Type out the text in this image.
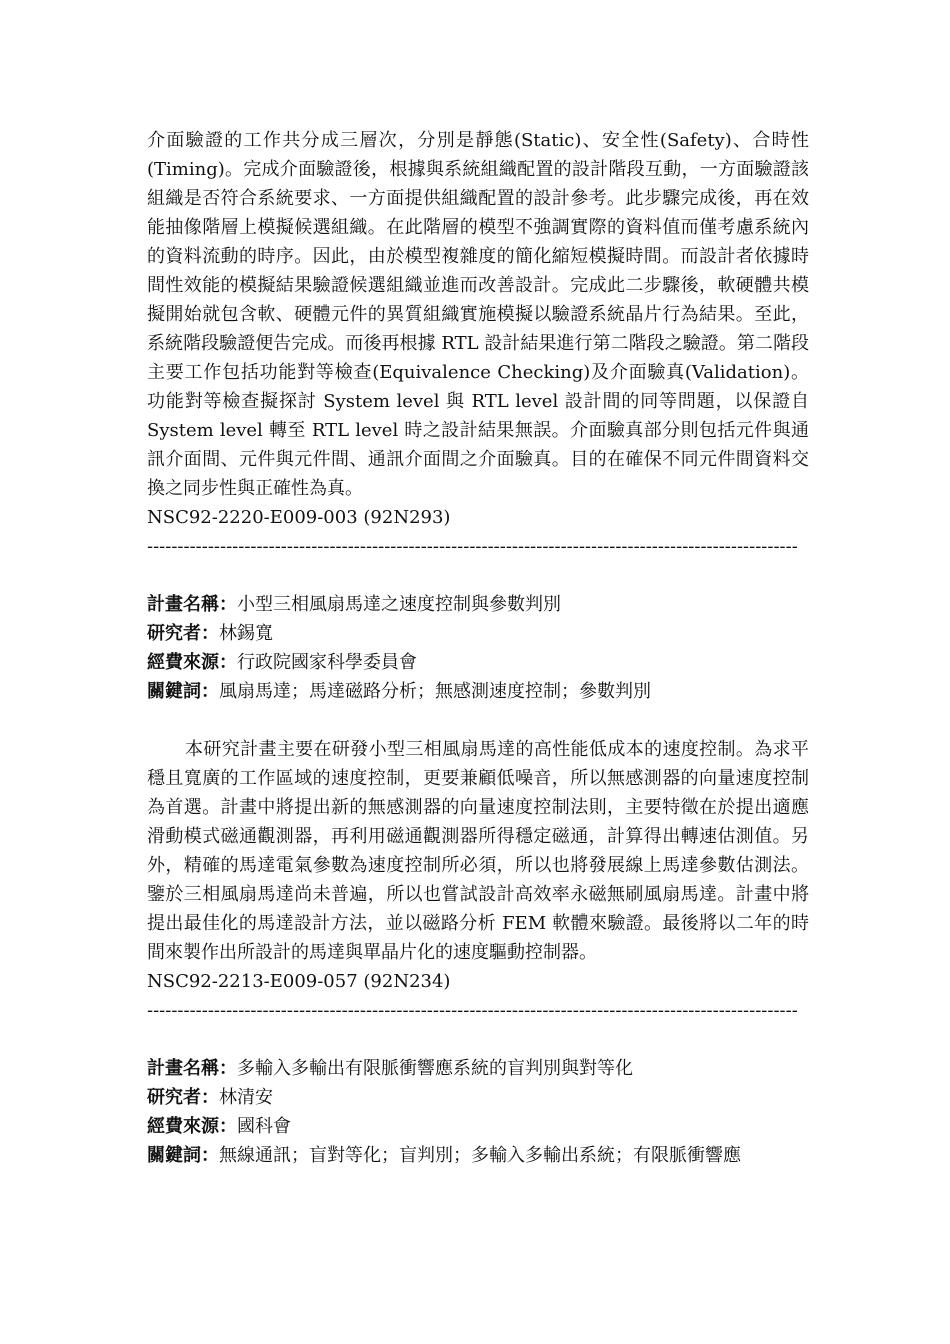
介面驗證的工作共分成三層次，分別是靜態(Static)、安全性(Safety)、合時性(Timing)。完成介面驗證後，根據與系統組織配置的設計階段互動，一方面驗證該組織是否符合系統要求、一方面提供組織配置的設計參考。此步驟完成後，再在效能抽像階層上模擬候選組織。在此階層的模型不強調實際的資料值而僅考慮系統內的資料流動的時序。因此，由於模型複雜度的簡化縮短模擬時間。而設計者依據時間性效能的模擬結果驗證候選組織並進而改善設計。完成此二步驟後，軟硬體共模擬開始就包含軟、硬體元件的異質組織實施模擬以驗證系統晶片行為結果。至此，系統階段驗證便告完成。而後再根據 RTL 設計結果進行第二階段之驗證。第二階段主要工作包括功能對等檢查(Equivalence Checking)及介面驗真(Validation)。功能對等檢查擬探討 System level 與 RTL level 設計間的同等問題，以保證自 System level 轉至 RTL level 時之設計結果無誤。介面驗真部分則包括元件與通訊介面間、元件與元件間、通訊介面間之介面驗真。目的在確保不同元件間資料交換之同步性與正確性為真。

NSC92-2220-E009-003 (92N293)

-----------------------------------------------------------------------------------------------------------

計畫名稱：小型三相風扇馬達之速度控制與參數判別

研究者：林錫寬

經費來源：行政院國家科學委員會

關鍵詞：風扇馬達；馬達磁路分析；無感測速度控制；參數判別

本研究計畫主要在研發小型三相風扇馬達的高性能低成本的速度控制。為求平穩且寬廣的工作區域的速度控制，更要兼顧低噪音，所以無感測器的向量速度控制為首選。計畫中將提出新的無感測器的向量速度控制法則，主要特徵在於提出適應滑動模式磁通觀測器，再利用磁通觀測器所得穩定磁通，計算得出轉速估測值。另外，精確的馬達電氣參數為速度控制所必須，所以也將發展線上馬達參數估測法。鑒於三相風扇馬達尚未普遍，所以也嘗試設計高效率永磁無刷風扇馬達。計畫中將提出最佳化的馬達設計方法，並以磁路分析 FEM 軟體來驗證。最後將以二年的時間來製作出所設計的馬達與單晶片化的速度驅動控制器。

NSC92-2213-E009-057 (92N234)

-----------------------------------------------------------------------------------------------------------

計畫名稱：多輸入多輸出有限脈衝響應系統的盲判別與對等化

研究者：林清安

經費來源：國科會

關鍵詞：無線通訊；盲對等化；盲判別；多輸入多輸出系統；有限脈衝響應
